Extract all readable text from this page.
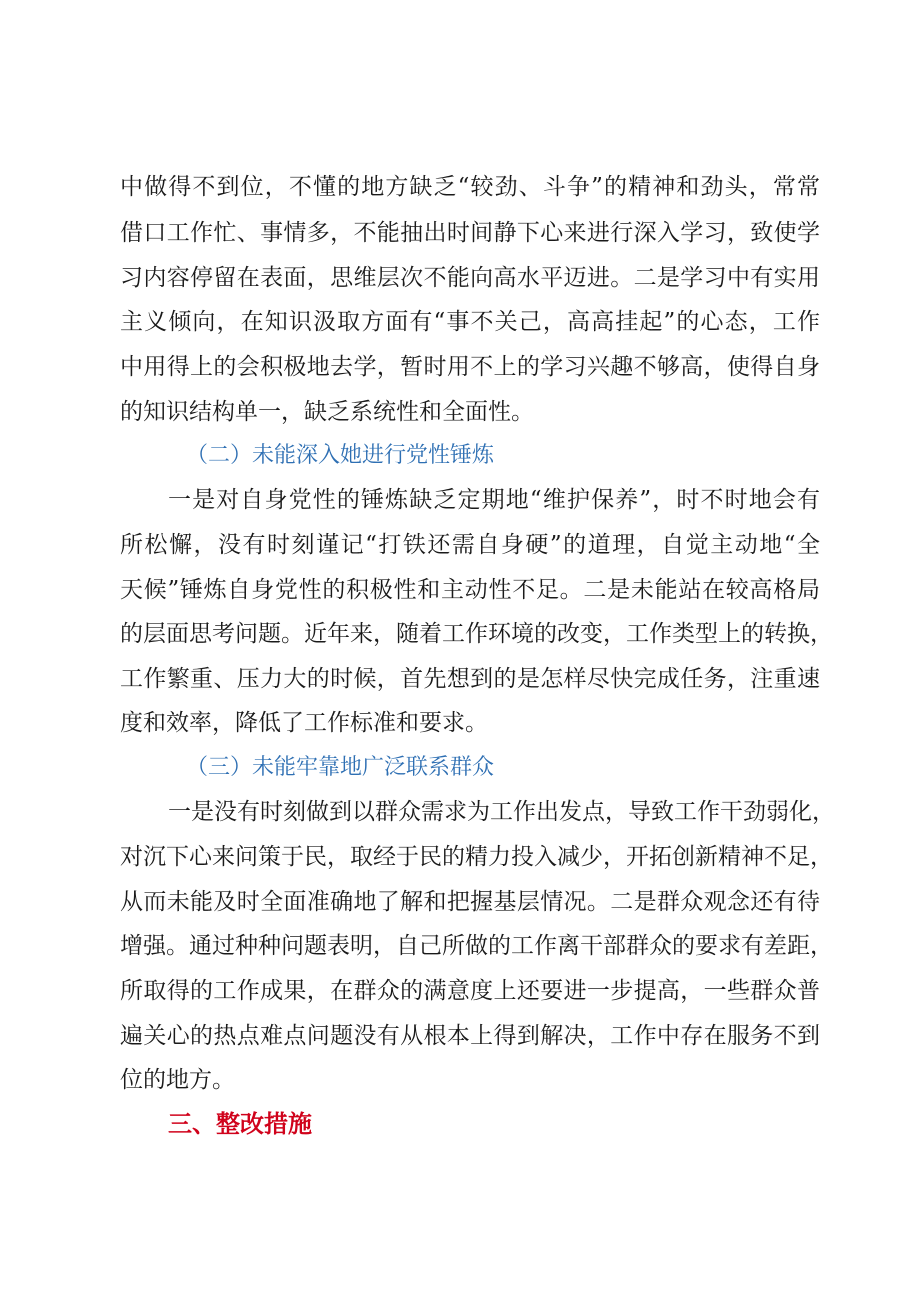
中做得不到位，不懂的地方缺乏“较劲、斗争”的精神和劲头，常常
借口工作忙、事情多，不能抽出时间静下心来进行深入学习，致使学
习内容停留在表面，思维层次不能向高水平迈进。二是学习中有实用
主义倾向，在知识汲取方面有“事不关己，高高挂起”的心态，工作
中用得上的会积极地去学，暂时用不上的学习兴趣不够高，使得自身
的知识结构单一，缺乏系统性和全面性。
（二）未能深入她进行党性锤炼
一是对自身党性的锤炼缺乏定期地“维护保养”，时不时地会有
所松懈，没有时刻谨记“打铁还需自身硬”的道理，自觉主动地“全
天候”锤炼自身党性的积极性和主动性不足。二是未能站在较高格局
的层面思考问题。近年来，随着工作环境的改变，工作类型上的转换，
工作繁重、压力大的时候，首先想到的是怎样尽快完成任务，注重速
度和效率，降低了工作标准和要求。
（三）未能牢靠地广泛联系群众
一是没有时刻做到以群众需求为工作出发点，导致工作干劲弱化，
对沉下心来问策于民，取经于民的精力投入减少，开拓创新精神不足，
从而未能及时全面准确地了解和把握基层情况。二是群众观念还有待
增强。通过种种问题表明，自己所做的工作离干部群众的要求有差距，
所取得的工作成果，在群众的满意度上还要进一步提高，一些群众普
遍关心的热点难点问题没有从根本上得到解决，工作中存在服务不到
位的地方。
三、整改措施
